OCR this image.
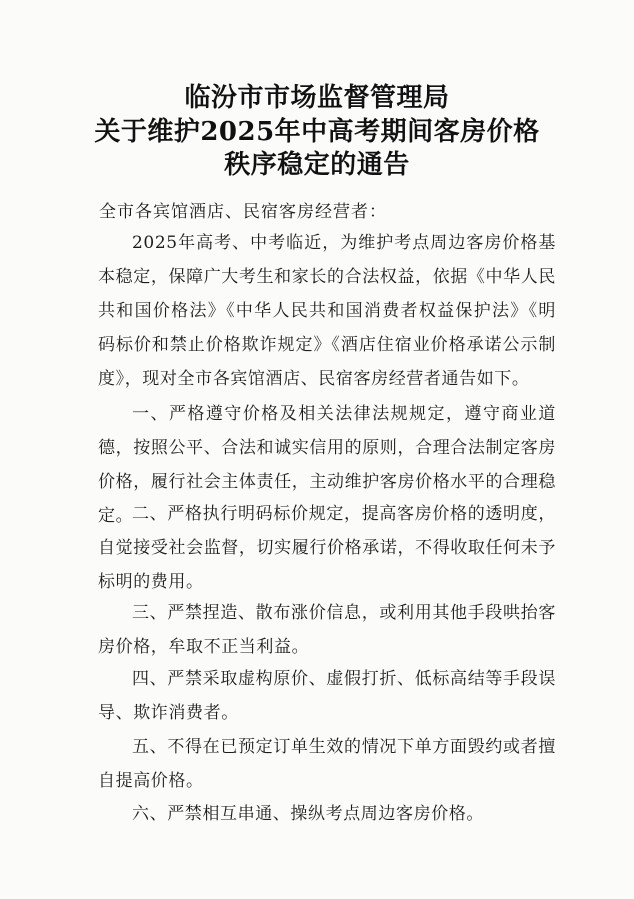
临汾市市场监督管理局
关于维护2025年中高考期间客房价格
秩序稳定的通告
全市各宾馆酒店、民宿客房经营者：
2025年高考、中考临近，为维护考点周边客房价格基本稳定，保障广大考生和家长的合法权益，依据《中华人民共和国价格法》《中华人民共和国消费者权益保护法》《明码标价和禁止价格欺诈规定》《酒店住宿业价格承诺公示制度》，现对全市各宾馆酒店、民宿客房经营者通告如下。
一、严格遵守价格及相关法律法规规定，遵守商业道德，按照公平、合法和诚实信用的原则，合理合法制定客房价格，履行社会主体责任，主动维护客房价格水平的合理稳定。
二、严格执行明码标价规定，提高客房价格的透明度，自觉接受社会监督，切实履行价格承诺，不得收取任何未予标明的费用。
三、严禁捏造、散布涨价信息，或利用其他手段哄抬客房价格，牟取不正当利益。
四、严禁采取虚构原价、虚假打折、低标高结等手段误导、欺诈消费者。
五、不得在已预定订单生效的情况下单方面毁约或者擅自提高价格。
六、严禁相互串通、操纵考点周边客房价格。
